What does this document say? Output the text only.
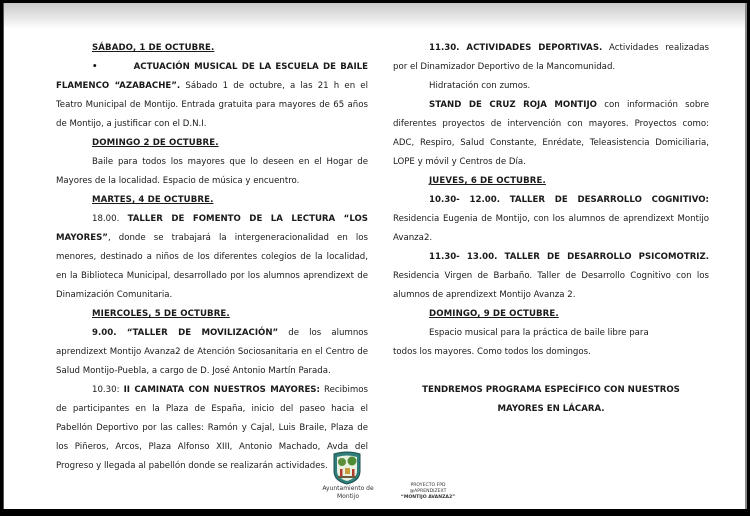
SÁBADO, 1 DE OCTUBRE.

•	ACTUACIÓN MUSICAL DE LA ESCUELA DE BAILE FLAMENCO “AZABACHE”. Sábado 1 de octubre, a las 21 h en el Teatro Municipal de Montijo. Entrada gratuita para mayores de 65 años de Montijo, a justificar con el D.N.I.

DOMINGO 2 DE OCTUBRE.

Baile para todos los mayores que lo deseen en el Hogar de Mayores de la localidad. Espacio de música y encuentro.

MARTES, 4 DE OCTUBRE.

18.00. TALLER DE FOMENTO DE LA LECTURA “LOS MAYORES”, donde se trabajará la intergeneracionalidad en los menores, destinado a niños de los diferentes colegios de la localidad, en la Biblioteca Municipal, desarrollado por los alumnos aprendizext de Dinamización Comunitaria.

MIERCOLES, 5 DE OCTUBRE.

9.00. “TALLER DE MOVILIZACIÓN” de los alumnos aprendizext Montijo Avanza2 de Atención Sociosanitaria en el Centro de Salud Montijo-Puebla, a cargo de D. José Antonio Martín Parada.

10.30: II CAMINATA CON NUESTROS MAYORES: Recibimos de participantes en la Plaza de España, inicio del paseo hacia el Pabellón Deportivo por las calles: Ramón y Cajal, Luis Braile, Plaza de los Piñeros, Arcos, Plaza Alfonso XIII, Antonio Machado, Avda del Progreso y llegada al pabellón donde se realizarán actividades.

11.30. ACTIVIDADES DEPORTIVAS. Actividades realizadas por el Dinamizador Deportivo de la Mancomunidad.

Hidratación con zumos.

STAND DE CRUZ ROJA MONTIJO con información sobre diferentes proyectos de intervención con mayores. Proyectos como: ADC, Respiro, Salud Constante, Enrédate, Teleasistencia Domiciliaria, LOPE y móvil y Centros de Día.

JUEVES, 6 DE OCTUBRE.

10.30- 12.00. TALLER DE DESARROLLO COGNITIVO: Residencia Eugenia de Montijo, con los alumnos de aprendizext Montijo Avanza2.

11.30- 13.00. TALLER DE DESARROLLO PSICOMOTRIZ. Residencia Virgen de Barbaño. Taller de Desarrollo Cognitivo con los alumnos de aprendizext Montijo Avanza 2.

DOMINGO, 9 DE OCTUBRE.

Espacio musical para la práctica de baile libre para

todos los mayores. Como todos los domingos.

TENDREMOS PROGRAMA ESPECÍFICO CON NUESTROS

MAYORES EN LÁCARA.

Ayuntamiento de
Montijo
PROYECTO FPD
@APRENDIZEXT
“MONTIJO AVANZA2”
